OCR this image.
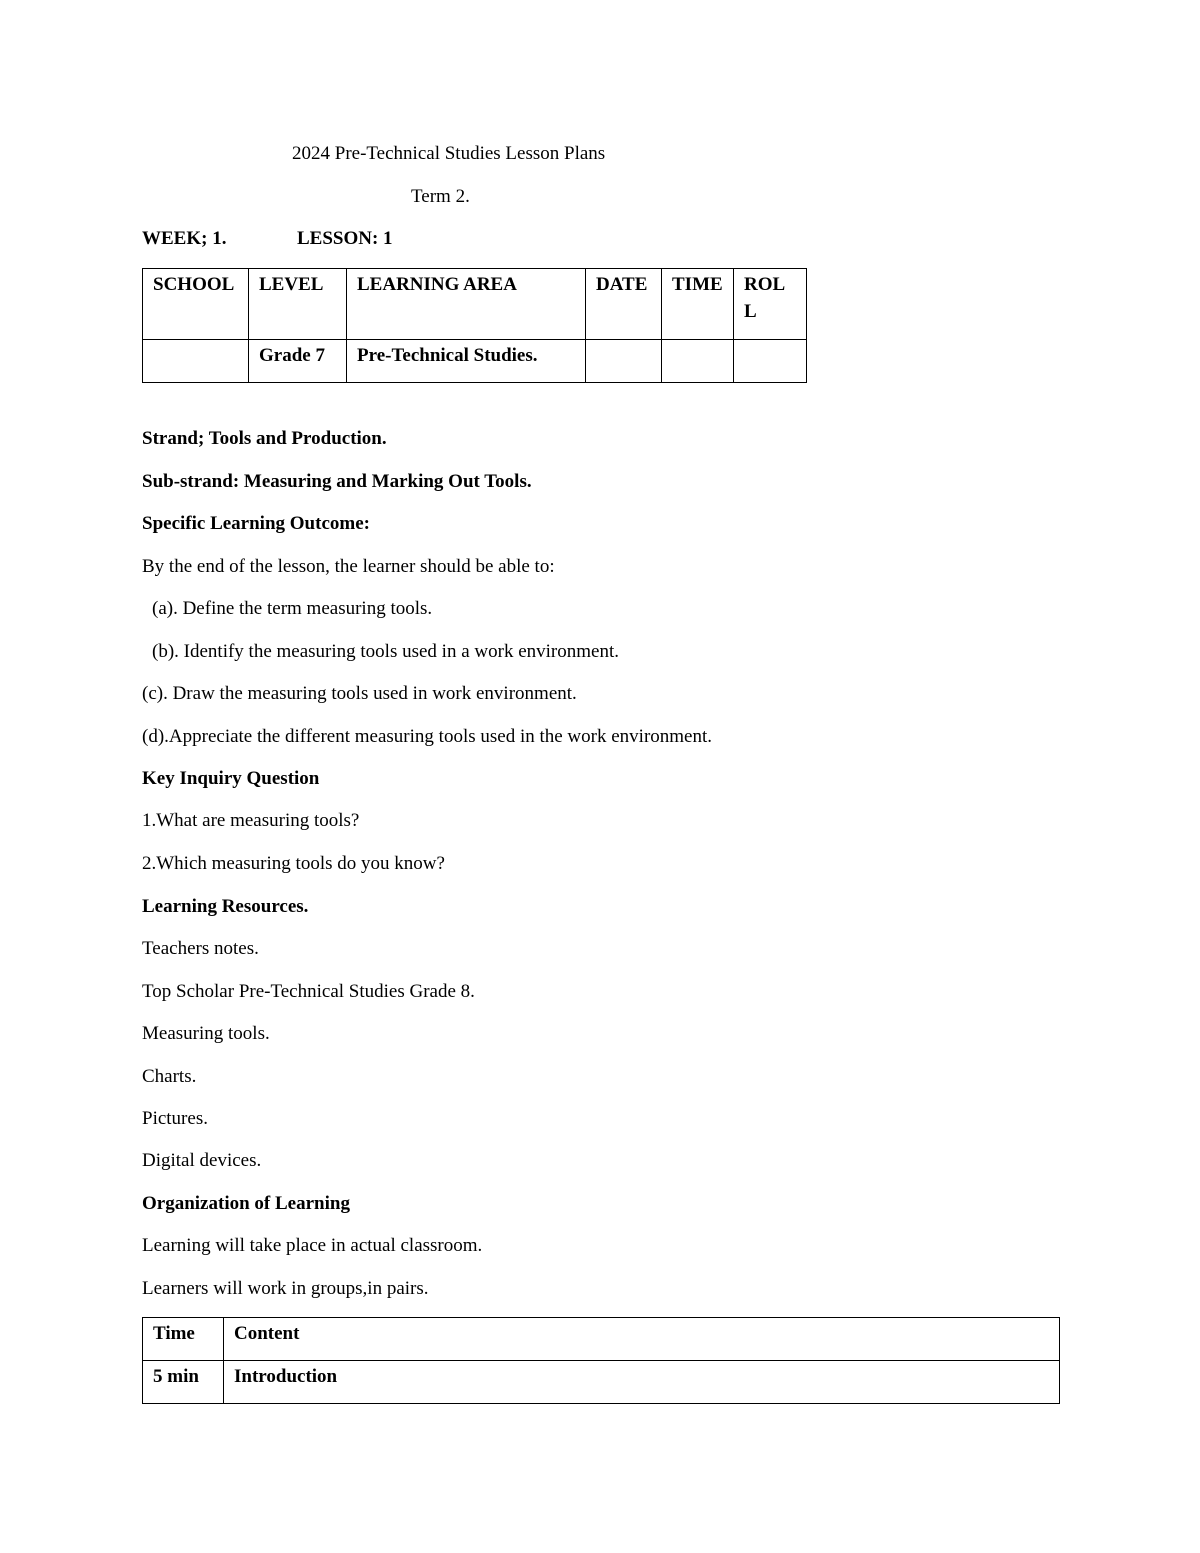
2024 Pre-Technical Studies Lesson Plans
Term 2.
WEEK; 1.	LESSON: 1
SCHOOL	LEVEL	LEARNING AREA	DATE	TIME	ROLL
	Grade 7	Pre-Technical Studies.			
Strand; Tools and Production.
Sub-strand: Measuring and Marking Out Tools.
Specific Learning Outcome:
By the end of the lesson, the learner should be able to:
(a). Define the term measuring tools.
(b). Identify the measuring tools used in a work environment.
(c). Draw the measuring tools used in work environment.
(d).Appreciate the different measuring tools used in the work environment.
Key Inquiry Question
1.What are measuring tools?
2.Which measuring tools do you know?
Learning Resources.
Teachers notes.
Top Scholar Pre-Technical Studies Grade 8.
Measuring tools.
Charts.
Pictures.
Digital devices.
Organization of Learning
Learning will take place in actual classroom.
Learners will work in groups,in pairs.
Time	Content
5 min	Introduction
